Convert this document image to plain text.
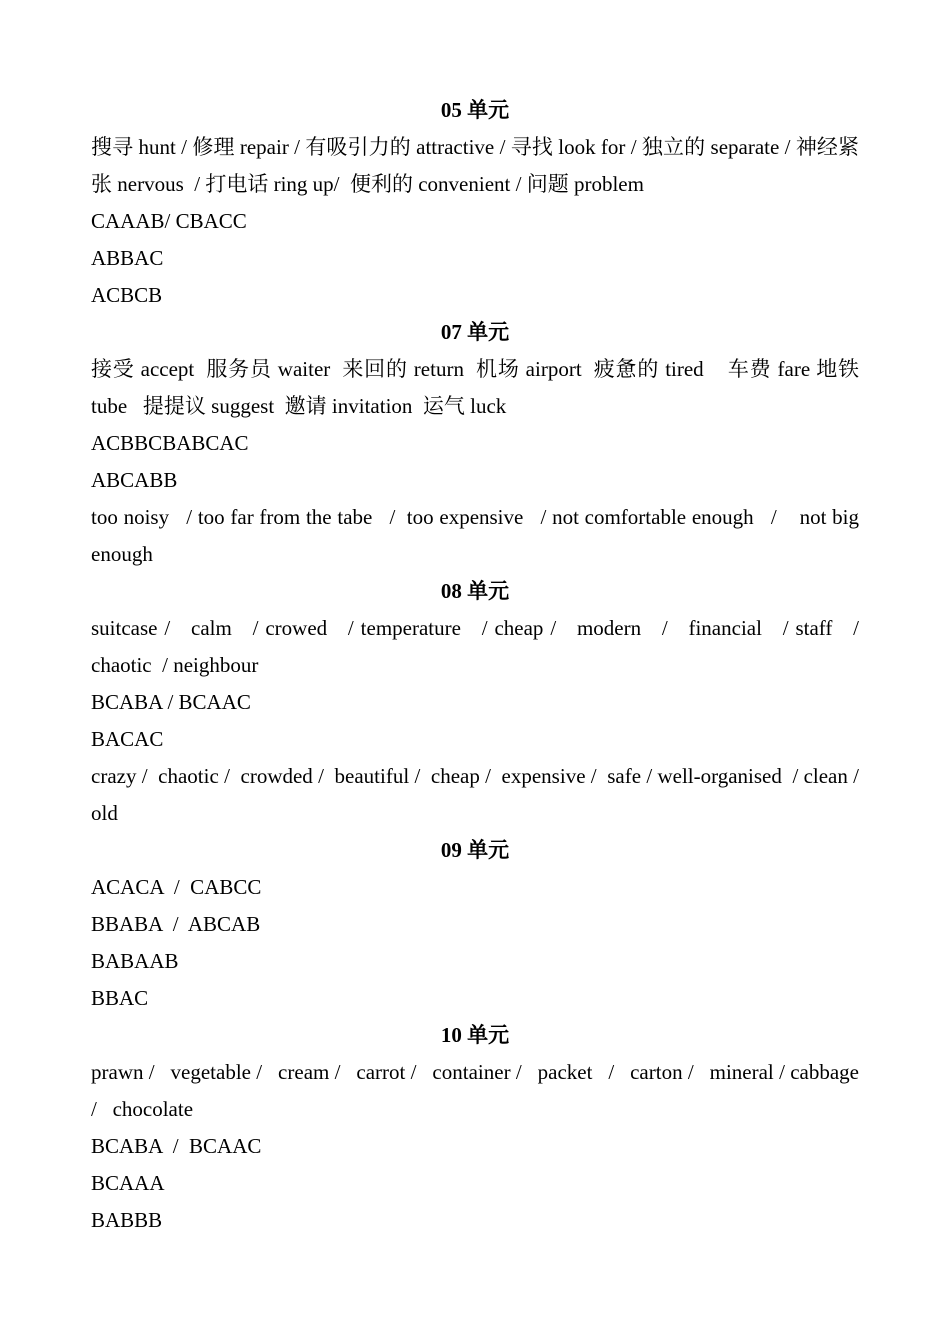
05 单元

搜寻 hunt / 修理 repair / 有吸引力的 attractive / 寻找 look for / 独立的 separate / 神经紧张 nervous  / 打电话 ring up/  便利的 convenient / 问题 problem

CAAAB/ CBACC

ABBAC

ACBCB

07 单元

接受 accept  服务员 waiter  来回的 return  机场 airport  疲惫的 tired    车费 fare 地铁 tube   提提议 suggest  邀请 invitation  运气 luck

ACBBCBABCAC

ABCABB

too noisy   / too far from the tabe   /  too expensive   / not comfortable enough   /    not big enough

08 单元

suitcase /   calm   / crowed   / temperature   / cheap /   modern   /   financial   / staff   / chaotic  / neighbour

BCABA / BCAAC

BACAC

crazy /  chaotic /  crowded /  beautiful /  cheap /  expensive /  safe / well-organised  / clean /  old

09 单元

ACACA  /  CABCC

BBABA  /  ABCAB

BABAAB

BBAC

10 单元

prawn /   vegetable /   cream /   carrot /   container /   packet   /   carton /   mineral / cabbage /   chocolate

BCABA  /  BCAAC

BCAAA

BABBB
